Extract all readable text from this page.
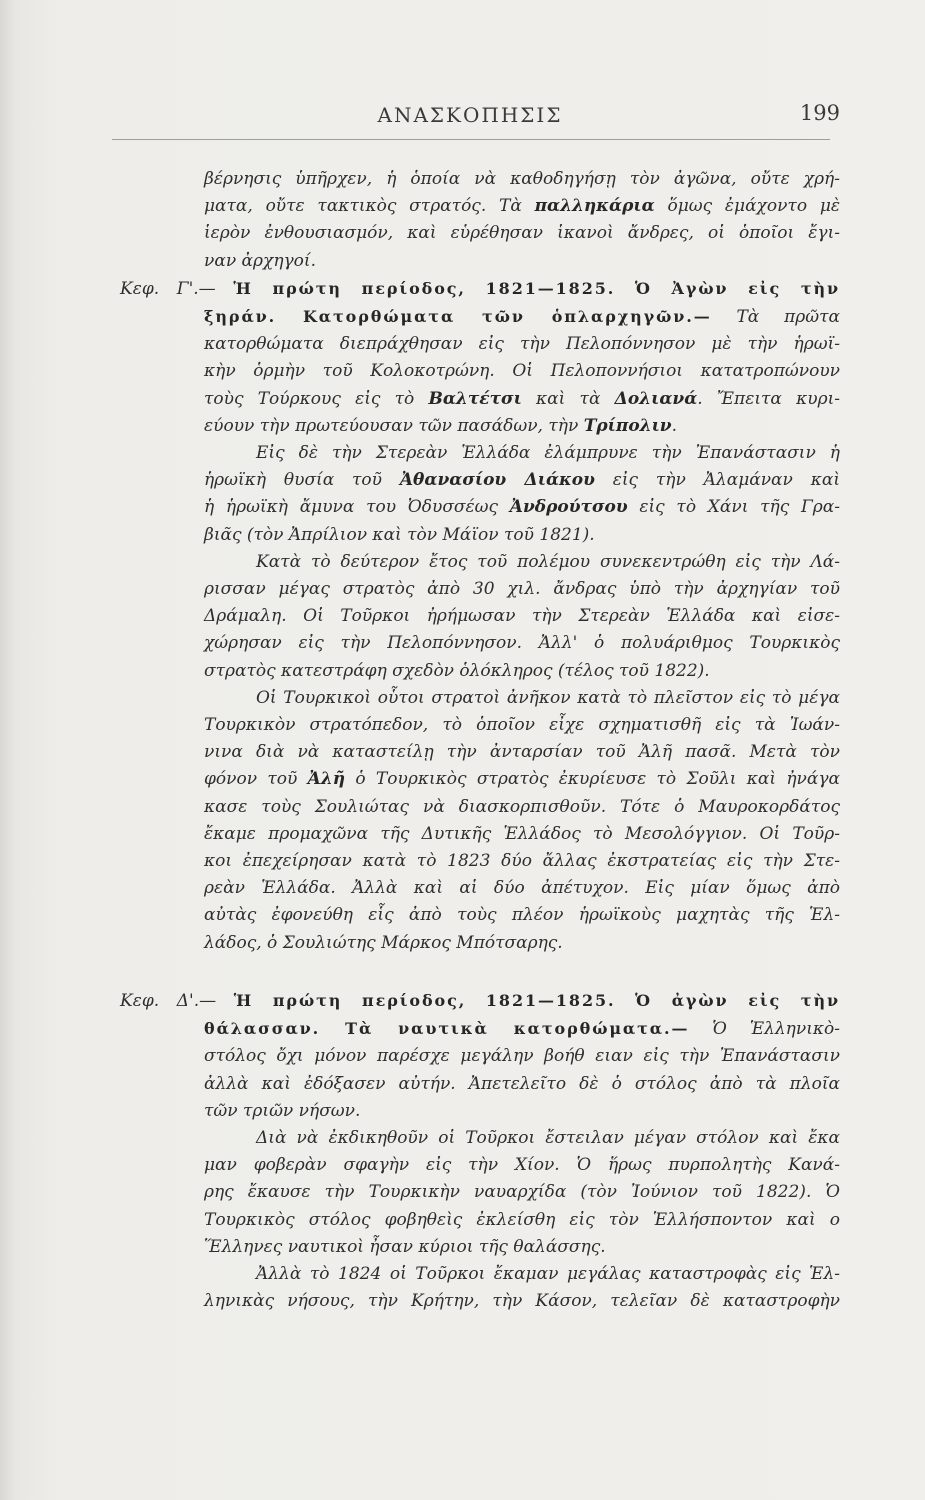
ΑΝΑΣΚΟΠΗΣΙΣ	199
βέρνησις ὑπῆρχεν, ἡ ὁποία νὰ καθοδηγήσῃ τὸν ἀγῶνα, οὔτε χρή-
ματα, οὔτε τακτικὸς στρατός. Τὰ παλληκάρια ὅμως ἐμάχοντο μὲ
ἱερὸν ἐνθουσιασμόν, καὶ εὑρέθησαν ἱκανοὶ ἄνδρες, οἱ ὁποῖοι ἔγι-
ναν ἀρχηγοί.
Κεφ. Γ'.— Ἡ πρώτη περίοδος, 1821—1825. Ὁ Ἀγὼν εἰς τὴν
ξηράν. Κατορθώματα τῶν ὁπλαρχηγῶν.— Τὰ πρῶτα
κατορθώματα διεπράχθησαν εἰς τὴν Πελοπόννησον μὲ τὴν ἡρωϊ-
κὴν ὁρμὴν τοῦ Κολοκοτρώνη. Οἱ Πελοποννήσιοι κατατροπώνουν
τοὺς Τούρκους εἰς τὸ Βαλτέτσι καὶ τὰ Δολιανά. Ἔπειτα κυρι-
εύουν τὴν πρωτεύουσαν τῶν πασάδων, τὴν Τρίπολιν.
Εἰς δὲ τὴν Στερεὰν Ἑλλάδα ἐλάμπρυνε τὴν Ἐπανάστασιν ἡ
ἡρωϊκὴ θυσία τοῦ Ἀθανασίου Διάκου εἰς τὴν Ἀλαμάναν καὶ
ἡ ἡρωϊκὴ ἄμυνα του Ὀδυσσέως Ἀνδρούτσου εἰς τὸ Χάνι τῆς Γρα-
βιᾶς (τὸν Ἀπρίλιον καὶ τὸν Μάϊον τοῦ 1821).
Κατὰ τὸ δεύτερον ἔτος τοῦ πολέμου συνεκεντρώθη εἰς τὴν Λά-
ρισσαν μέγας στρατὸς ἀπὸ 30 χιλ. ἄνδρας ὑπὸ τὴν ἀρχηγίαν τοῦ
Δράμαλη. Οἱ Τοῦρκοι ἠρήμωσαν τὴν Στερεὰν Ἑλλάδα καὶ εἰσε-
χώρησαν εἰς τὴν Πελοπόννησον. Ἀλλ' ὁ πολυάριθμος Τουρκικὸς
στρατὸς κατεστράφη σχεδὸν ὁλόκληρος (τέλος τοῦ 1822).
Οἱ Τουρκικοὶ οὗτοι στρατοὶ ἀνῆκον κατὰ τὸ πλεῖστον εἰς τὸ μέγα
Τουρκικὸν στρατόπεδον, τὸ ὁποῖον εἶχε σχηματισθῆ εἰς τὰ Ἰωάν-
νινα διὰ νὰ καταστείλῃ τὴν ἀνταρσίαν τοῦ Ἀλῆ πασᾶ. Μετὰ τὸν
φόνον τοῦ Ἀλῆ ὁ Τουρκικὸς στρατὸς ἐκυρίευσε τὸ Σοῦλι καὶ ἠνάγα
κασε τοὺς Σουλιώτας νὰ διασκορπισθοῦν. Τότε ὁ Μαυροκορδάτος
ἔκαμε προμαχῶνα τῆς Δυτικῆς Ἑλλάδος τὸ Μεσολόγγιον. Οἱ Τοῦρ-
κοι ἐπεχείρησαν κατὰ τὸ 1823 δύο ἄλλας ἐκστρατείας εἰς τὴν Στε-
ρεὰν Ἑλλάδα. Ἀλλὰ καὶ αἱ δύο ἀπέτυχον. Εἰς μίαν ὅμως ἀπὸ
αὐτὰς ἐφονεύθη εἷς ἀπὸ τοὺς πλέον ἡρωϊκοὺς μαχητὰς τῆς Ἑλ-
λάδος, ὁ Σουλιώτης Μάρκος Μπότσαρης.
Κεφ. Δ'.— Ἡ πρώτη περίοδος, 1821—1825. Ὁ ἀγὼν εἰς τὴν
θάλασσαν. Τὰ ναυτικὰ κατορθώματα.— Ὁ Ἑλληνικὸ-
στόλος ὄχι μόνον παρέσχε μεγάλην βοήθ ειαν εἰς τὴν Ἐπανάστασιν
ἀλλὰ καὶ ἐδόξασεν αὐτήν. Ἀπετελεῖτο δὲ ὁ στόλος ἀπὸ τὰ πλοῖα
τῶν τριῶν νήσων.
Διὰ νὰ ἐκδικηθοῦν οἱ Τοῦρκοι ἔστειλαν μέγαν στόλον καὶ ἔκα
μαν φοβερὰν σφαγὴν εἰς τὴν Χίον. Ὁ ἥρως πυρπολητὴς Κανά-
ρης ἔκαυσε τὴν Τουρκικὴν ναυαρχίδα (τὸν Ἰούνιον τοῦ 1822). Ὁ
Τουρκικὸς στόλος φοβηθεὶς ἐκλείσθη εἰς τὸν Ἑλλήσποντον καὶ ο
Ἕλληνες ναυτικοὶ ἦσαν κύριοι τῆς θαλάσσης.
Ἀλλὰ τὸ 1824 οἱ Τοῦρκοι ἔκαμαν μεγάλας καταστροφὰς εἰς Ἑλ-
ληνικὰς νήσους, τὴν Κρήτην, τὴν Κάσον, τελεῖαν δὲ καταστροφὴν
